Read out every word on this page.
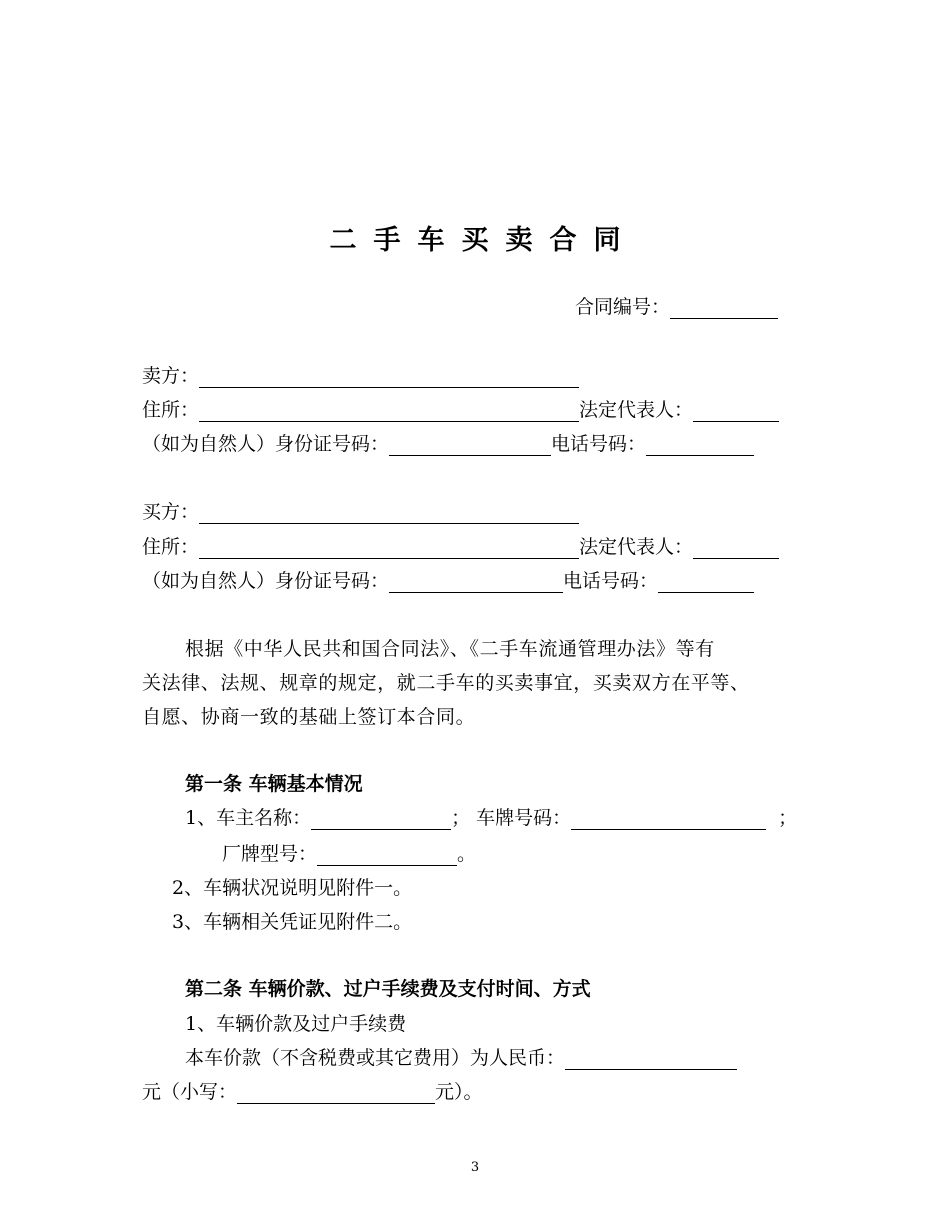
二手车买卖合同
合同编号：
卖方：
住所：	法定代表人：
（如为自然人）身份证号码：	电话号码：
买方：
住所：	法定代表人：
（如为自然人）身份证号码：	电话号码：
根据《中华人民共和国合同法》、《二手车流通管理办法》等有
关法律、法规、规章的规定，就二手车的买卖事宜，买卖双方在平等、
自愿、协商一致的基础上签订本合同。
第一条 车辆基本情况
1、车主名称：	； 车牌号码：	；
厂牌型号：	。
2、车辆状况说明见附件一。
3、车辆相关凭证见附件二。
第二条 车辆价款、过户手续费及支付时间、方式
1、车辆价款及过户手续费
本车价款（不含税费或其它费用）为人民币：
元（小写：	元）。
3
